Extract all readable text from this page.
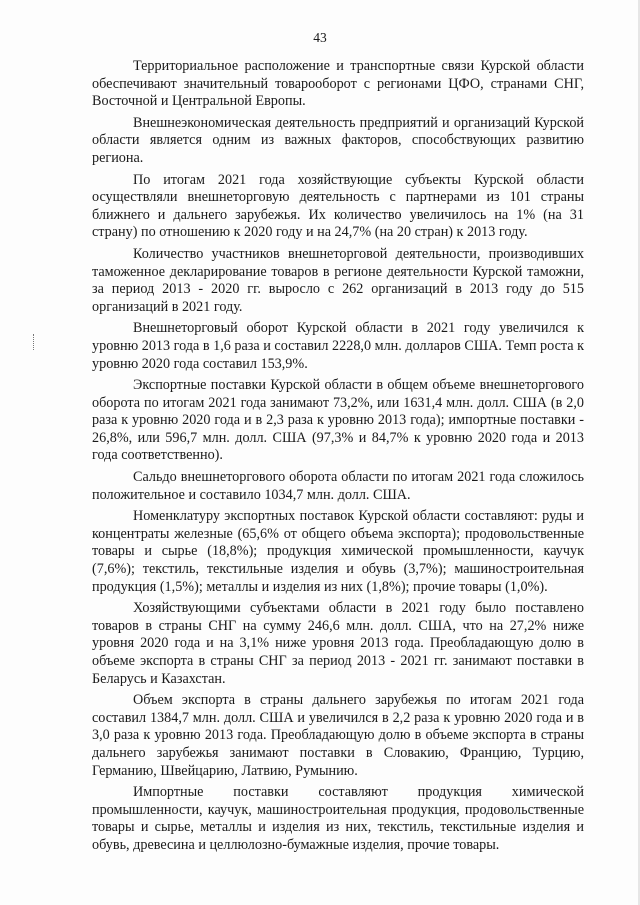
43

Территориальное расположение и транспортные связи Курской области обеспечивают значительный товарооборот с регионами ЦФО, странами СНГ, Восточной и Центральной Европы.

Внешнеэкономическая деятельность предприятий и организаций Курской области является одним из важных факторов, способствующих развитию региона.

По итогам 2021 года хозяйствующие субъекты Курской области осуществляли внешнеторговую деятельность с партнерами из 101 страны ближнего и дальнего зарубежья. Их количество увеличилось на 1% (на 31 страну) по отношению к 2020 году и на 24,7% (на 20 стран) к 2013 году.

Количество участников внешнеторговой деятельности, производивших таможенное декларирование товаров в регионе деятельности Курской таможни, за период 2013 - 2020 гг. выросло с 262 организаций в 2013 году до 515 организаций в 2021 году.

Внешнеторговый оборот Курской области в 2021 году увеличился к уровню 2013 года в 1,6 раза и составил 2228,0 млн. долларов США. Темп роста к уровню 2020 года составил 153,9%.

Экспортные поставки Курской области в общем объеме внешнеторгового оборота по итогам 2021 года занимают 73,2%, или 1631,4 млн. долл. США (в 2,0 раза к уровню 2020 года и в 2,3 раза к уровню 2013 года); импортные поставки - 26,8%, или 596,7 млн. долл. США (97,3% и 84,7% к уровню 2020 года и 2013 года соответственно).

Сальдо внешнеторгового оборота области по итогам 2021 года сложилось положительное и составило 1034,7 млн. долл. США.

Номенклатуру экспортных поставок Курской области составляют: руды и концентраты железные (65,6% от общего объема экспорта); продовольственные товары и сырье (18,8%); продукция химической промышленности, каучук (7,6%); текстиль, текстильные изделия и обувь (3,7%); машиностроительная продукция (1,5%); металлы и изделия из них (1,8%); прочие товары (1,0%).

Хозяйствующими субъектами области в 2021 году было поставлено товаров в страны СНГ на сумму 246,6 млн. долл. США, что на 27,2% ниже уровня 2020 года и на 3,1% ниже уровня 2013 года. Преобладающую долю в объеме экспорта в страны СНГ за период 2013 - 2021 гг. занимают поставки в Беларусь и Казахстан.

Объем экспорта в страны дальнего зарубежья по итогам 2021 года составил 1384,7 млн. долл. США и увеличился в 2,2 раза к уровню 2020 года и в 3,0 раза к уровню 2013 года. Преобладающую долю в объеме экспорта в страны дальнего зарубежья занимают поставки в Словакию, Францию, Турцию, Германию, Швейцарию, Латвию, Румынию.

Импортные поставки составляют продукция химической промышленности, каучук, машиностроительная продукция, продовольственные товары и сырье, металлы и изделия из них, текстиль, текстильные изделия и обувь, древесина и целлюлозно-бумажные изделия, прочие товары.
